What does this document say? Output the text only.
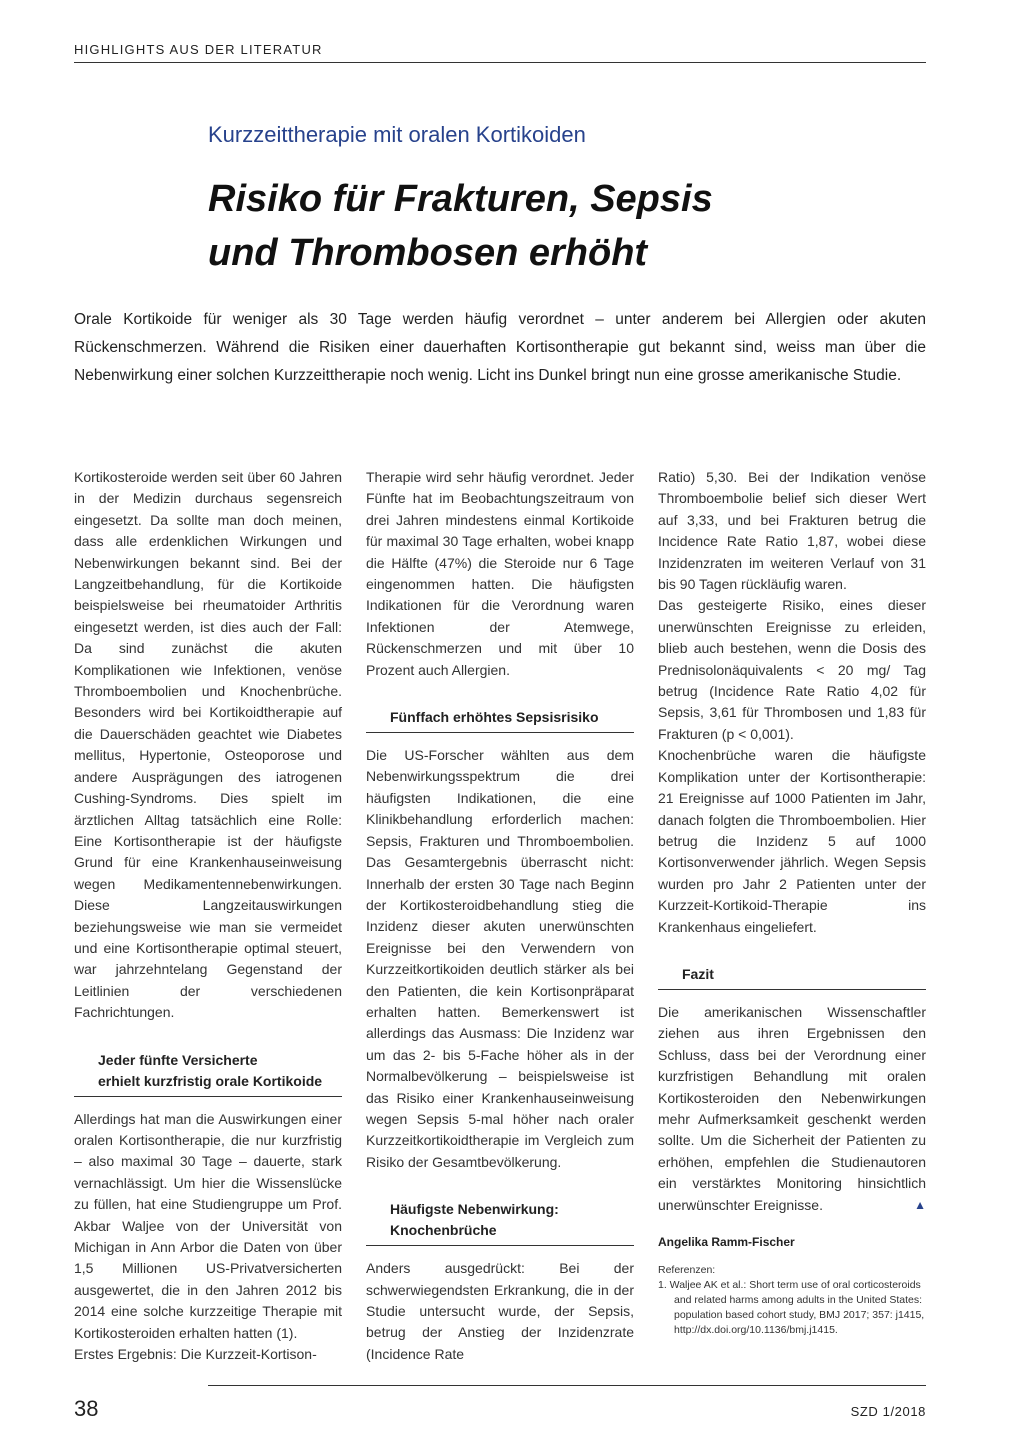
HIGHLIGHTS AUS DER LITERATUR
Kurzzeittherapie mit oralen Kortikoiden
Risiko für Frakturen, Sepsis
und Thrombosen erhöht

Orale Kortikoide für weniger als 30 Tage werden häufig verordnet – unter anderem bei Allergien oder akuten Rückenschmerzen. Während die Risiken einer dauerhaften Kortisontherapie gut bekannt sind, weiss man über die Nebenwirkung einer solchen Kurzzeittherapie noch wenig. Licht ins Dunkel bringt nun eine grosse amerikanische Studie.

Kortikosteroide werden seit über 60 Jahren in der Medizin durchaus segensreich eingesetzt. Da sollte man doch meinen, dass alle erdenklichen Wirkungen und Nebenwirkungen bekannt sind. Bei der Langzeitbehandlung, für die Kortikoide beispielsweise bei rheumatoider Arthritis eingesetzt werden, ist dies auch der Fall: Da sind zunächst die akuten Komplikationen wie Infektionen, venöse Thromboembolien und Knochenbrüche. Besonders wird bei Kortikoidtherapie auf die Dauerschäden geachtet wie Diabetes mellitus, Hypertonie, Osteoporose und andere Ausprägungen des iatrogenen Cushing-Syndroms. Dies spielt im ärztlichen Alltag tatsächlich eine Rolle: Eine Kortisontherapie ist der häufigste Grund für eine Krankenhauseinweisung wegen Medikamentennebenwirkungen. Diese Langzeitauswirkungen beziehungsweise wie man sie vermeidet und eine Kortisontherapie optimal steuert, war jahrzehntelang Gegenstand der Leitlinien der verschiedenen Fachrichtungen.

Jeder fünfte Versicherte
erhielt kurzfristig orale Kortikoide

Allerdings hat man die Auswirkungen einer oralen Kortisontherapie, die nur kurzfristig – also maximal 30 Tage – dauerte, stark vernachlässigt. Um hier die Wissenslücke zu füllen, hat eine Studiengruppe um Prof. Akbar Waljee von der Universität von Michigan in Ann Arbor die Daten von über 1,5 Millionen US-Privatversicherten ausgewertet, die in den Jahren 2012 bis 2014 eine solche kurzzeitige Therapie mit Kortikosteroiden erhalten hatten (1).

Erstes Ergebnis: Die Kurzzeit-Kortison-

Therapie wird sehr häufig verordnet. Jeder Fünfte hat im Beobachtungszeitraum von drei Jahren mindestens einmal Kortikoide für maximal 30 Tage erhalten, wobei knapp die Hälfte (47%) die Steroide nur 6 Tage eingenommen hatten. Die häufigsten Indikationen für die Verordnung waren Infektionen der Atemwege, Rückenschmerzen und mit über 10 Prozent auch Allergien.

Fünffach erhöhtes Sepsisrisiko

Die US-Forscher wählten aus dem Nebenwirkungsspektrum die drei häufigsten Indikationen, die eine Klinikbehandlung erforderlich machen: Sepsis, Frakturen und Thromboembolien. Das Gesamtergebnis überrascht nicht: Innerhalb der ersten 30 Tage nach Beginn der Kortikosteroidbehandlung stieg die Inzidenz dieser akuten unerwünschten Ereignisse bei den Verwendern von Kurzzeitkortikoiden deutlich stärker als bei den Patienten, die kein Kortisonpräparat erhalten hatten. Bemerkenswert ist allerdings das Ausmass: Die Inzidenz war um das 2- bis 5-Fache höher als in der Normalbevölkerung – beispielsweise ist das Risiko einer Krankenhauseinweisung wegen Sepsis 5-mal höher nach oraler Kurzzeitkortikoidtherapie im Vergleich zum Risiko der Gesamtbevölkerung.

Häufigste Nebenwirkung:
Knochenbrüche

Anders ausgedrückt: Bei der schwerwiegendsten Erkrankung, die in der Studie untersucht wurde, der Sepsis, betrug der Anstieg der Inzidenzrate (Incidence Rate

Ratio) 5,30. Bei der Indikation venöse Thromboembolie belief sich dieser Wert auf 3,33, und bei Frakturen betrug die Incidence Rate Ratio 1,87, wobei diese Inzidenzraten im weiteren Verlauf von 31 bis 90 Tagen rückläufig waren.

Das gesteigerte Risiko, eines dieser unerwünschten Ereignisse zu erleiden, blieb auch bestehen, wenn die Dosis des Prednisolonäquivalents < 20 mg/ Tag betrug (Incidence Rate Ratio 4,02 für Sepsis, 3,61 für Thrombosen und 1,83 für Frakturen (p < 0,001).

Knochenbrüche waren die häufigste Komplikation unter der Kortisontherapie: 21 Ereignisse auf 1000 Patienten im Jahr, danach folgten die Thromboembolien. Hier betrug die Inzidenz 5 auf 1000 Kortisonverwender jährlich. Wegen Sepsis wurden pro Jahr 2 Patienten unter der Kurzzeit-Kortikoid-Therapie ins Krankenhaus eingeliefert.

Fazit

Die amerikanischen Wissenschaftler ziehen aus ihren Ergebnissen den Schluss, dass bei der Verordnung einer kurzfristigen Behandlung mit oralen Kortikosteroiden den Nebenwirkungen mehr Aufmerksamkeit geschenkt werden sollte. Um die Sicherheit der Patienten zu erhöhen, empfehlen die Studienautoren ein verstärktes Monitoring hinsichtlich unerwünschter Ereignisse.	▲

Angelika Ramm-Fischer

Referenzen:

1. Waljee AK et al.: Short term use of oral corticosteroids and related harms among adults in the United States: population based cohort study, BMJ 2017; 357: j1415, http://dx.doi.org/10.1136/bmj.j1415.
38	SZD 1/2018
